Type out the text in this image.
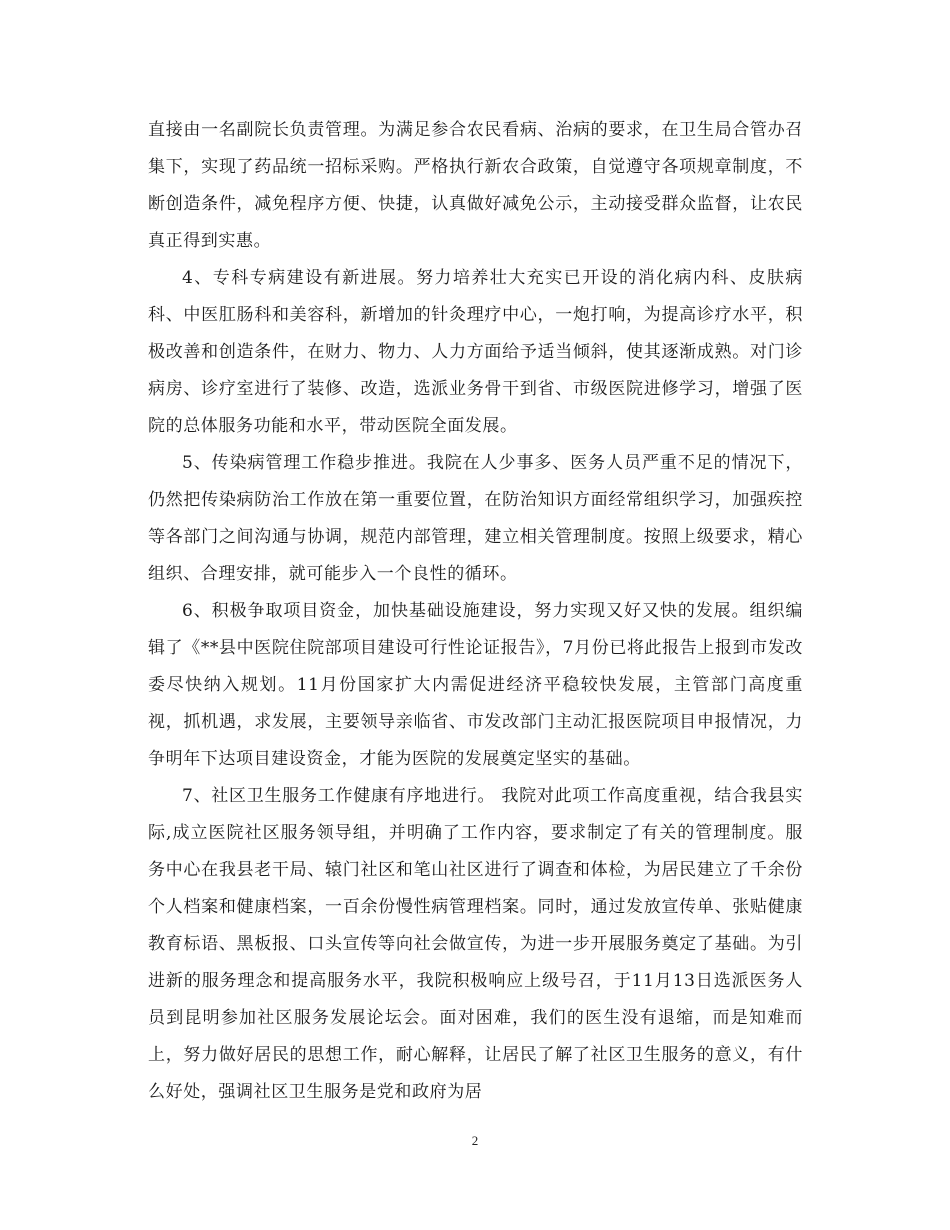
直接由一名副院长负责管理。为满足参合农民看病、治病的要求，在卫生局合管办召集下，实现了药品统一招标采购。严格执行新农合政策，自觉遵守各项规章制度，不断创造条件，减免程序方便、快捷，认真做好减免公示，主动接受群众监督，让农民真正得到实惠。

4、专科专病建设有新进展。努力培养壮大充实已开设的消化病内科、皮肤病科、中医肛肠科和美容科，新增加的针灸理疗中心，一炮打响，为提高诊疗水平，积极改善和创造条件，在财力、物力、人力方面给予适当倾斜，使其逐渐成熟。对门诊病房、诊疗室进行了装修、改造，选派业务骨干到省、市级医院进修学习，增强了医院的总体服务功能和水平，带动医院全面发展。

5、传染病管理工作稳步推进。我院在人少事多、医务人员严重不足的情况下，仍然把传染病防治工作放在第一重要位置，在防治知识方面经常组织学习，加强疾控等各部门之间沟通与协调，规范内部管理，建立相关管理制度。按照上级要求，精心组织、合理安排，就可能步入一个良性的循环。

6、积极争取项目资金，加快基础设施建设，努力实现又好又快的发展。组织编辑了《**县中医院住院部项目建设可行性论证报告》，7月份已将此报告上报到市发改委尽快纳入规划。11月份国家扩大内需促进经济平稳较快发展，主管部门高度重视，抓机遇，求发展，主要领导亲临省、市发改部门主动汇报医院项目申报情况，力争明年下达项目建设资金，才能为医院的发展奠定坚实的基础。

7、社区卫生服务工作健康有序地进行。 我院对此项工作高度重视，结合我县实际,成立医院社区服务领导组，并明确了工作内容，要求制定了有关的管理制度。服务中心在我县老干局、辕门社区和笔山社区进行了调查和体检，为居民建立了千余份个人档案和健康档案，一百余份慢性病管理档案。同时，通过发放宣传单、张贴健康教育标语、黑板报、口头宣传等向社会做宣传，为进一步开展服务奠定了基础。为引进新的服务理念和提高服务水平，我院积极响应上级号召，于11月13日选派医务人员到昆明参加社区服务发展论坛会。面对困难，我们的医生没有退缩，而是知难而上，努力做好居民的思想工作，耐心解释，让居民了解了社区卫生服务的意义，有什么好处，强调社区卫生服务是党和政府为居

2
